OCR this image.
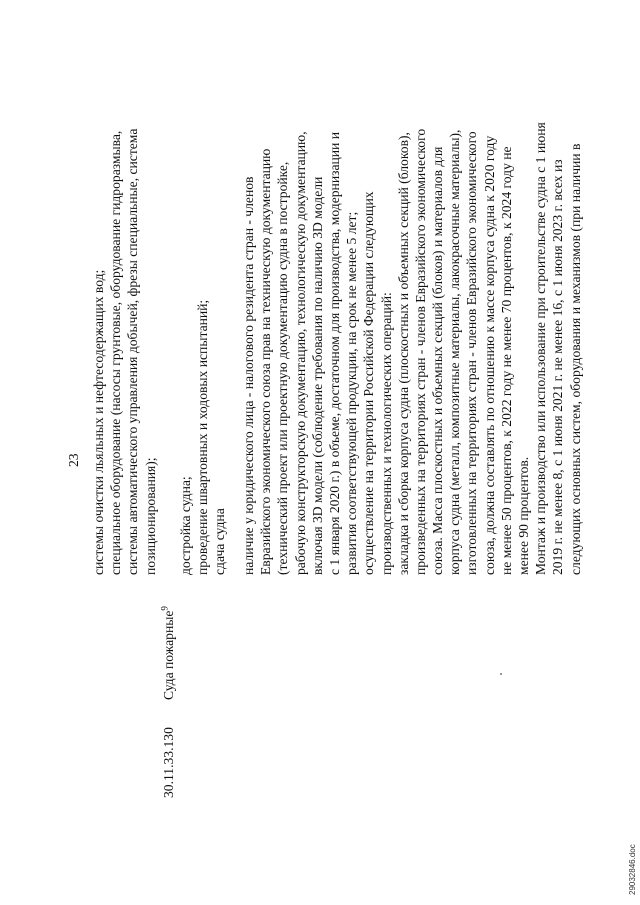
23
30.11.33.130
Суда пожарные$^9$
системы очистки льяльных и нефтесодержащих вод; специальное оборудование (насосы грунтовые, оборудование гидроразмыва, системы автоматического управления добычей, фрезы специальные, система позиционирования); достройка судна; проведение швартовных и ходовых испытаний; сдача судна наличие у юридического лица - налогового резидента стран - членов Евразийского экономического союза прав на техническую документацию (технический проект или проектную документацию судна в постройке, рабочую конструкторскую документацию, технологическую документацию, включая 3D модели (соблюдение требования по наличию 3D модели с 1 января 2020 г.) в объеме, достаточном для производства, модернизации и развития соответствующей продукции, на срок не менее 5 лет; осуществление на территории Российской Федерации следующих производственных и технологических операций: закладка и сборка корпуса судна (плоскостных и объемных секций (блоков), произведенных на территориях стран - членов Евразийского экономического союза. Масса плоскостных и объемных секций (блоков) и материалов для корпуса судна (металл, композитные материалы, лакокрасочные материалы), изготовленных на территориях стран - членов Евразийского экономического союза, должна составлять по отношению к массе корпуса судна к 2020 году не менее 50 процентов, к 2022 году не менее 70 процентов, к 2024 году не менее 90 процентов. Монтаж и производство или использование при строительстве судна с 1 июня 2019 г. не менее 8, с 1 июня 2021 г. не менее 16, с 1 июня 2023 г. всех из следующих основных систем, оборудования и механизмов (при наличии в
29032846.doc
